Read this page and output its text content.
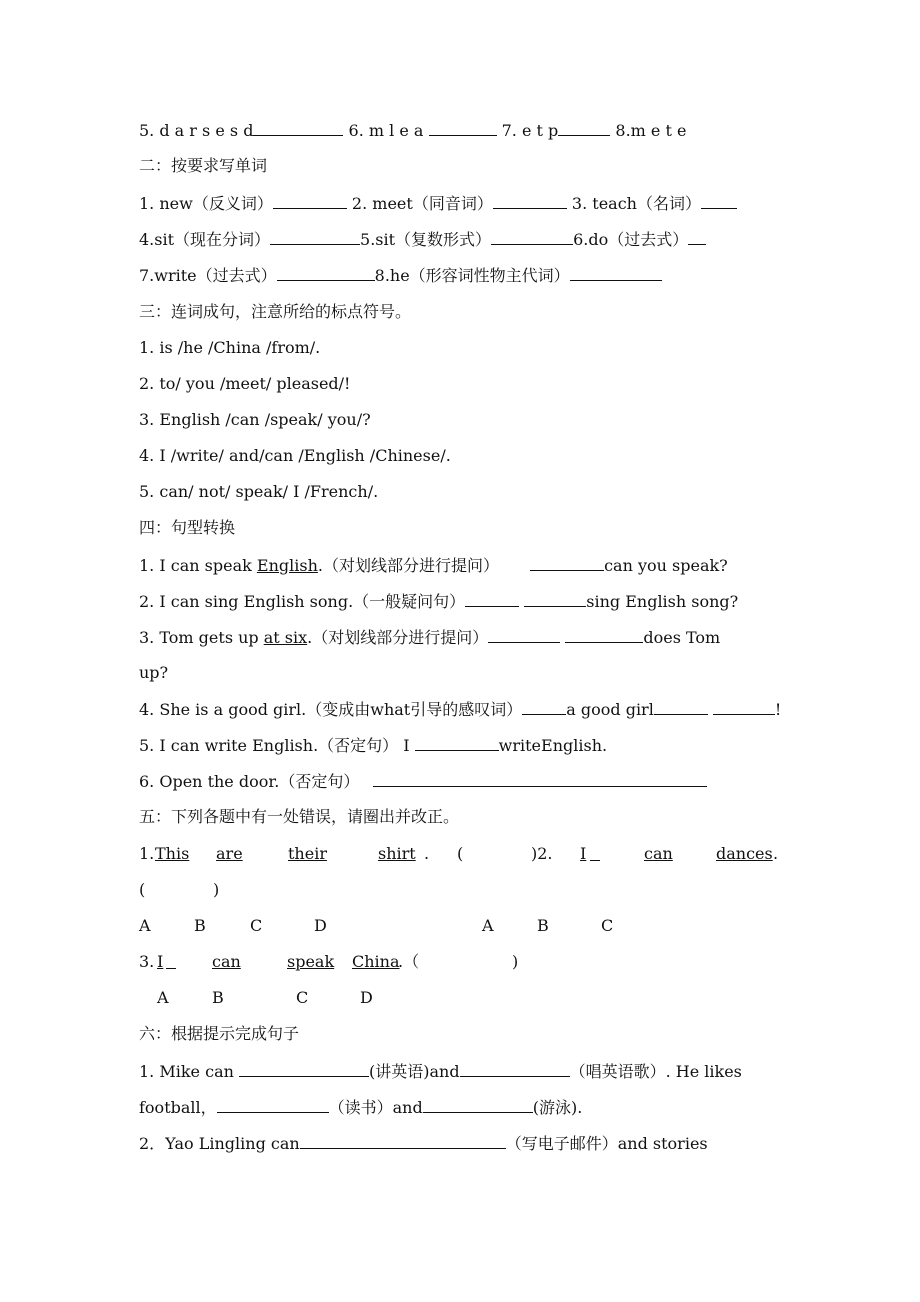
5. d a r s e s d	6. m l e a	7. e t p	8.m e t e
二：按要求写单词
1. new（反义词）	2. meet（同音词）	3. teach（名词）
4.sit（现在分词）	5.sit（复数形式）	6.do（过去式）
7.write（过去式）	8.he（形容词性物主代词）
三：连词成句，注意所给的标点符号。
1. is /he /China /from/.
2. to/ you /meet/ pleased/!
3. English /can /speak/ you/?
4. I /write/ and/can /English /Chinese/.
5. can/ not/ speak/ I /French/.
四：句型转换
1. I can speak English.（对划线部分进行提问）	can you speak?
2. I can sing English song.（一般疑问句）	sing English song?
3. Tom gets up at six.（对划线部分进行提问）	does Tom
up?
4. She is a good girl.（变成由what引导的感叹词）	a good girl	!
5. I can write English.（否定句） I	writeEnglish.
6. Open the door.（否定句）
五：下列各题中有一处错误，请圈出并改正。
1. This are	their	shirt . (	)2. I	can	dances .
(	)
A	B	C	D	A	B	C
3. I	can	speak China
.（	)
A	B	C	D
六：根据提示完成句子
1. Mike can	(讲英语)and	（唱英语歌）. He likes
football，	（读书）and	(游泳).
2．Yao Lingling can	（写电子邮件）and stories
